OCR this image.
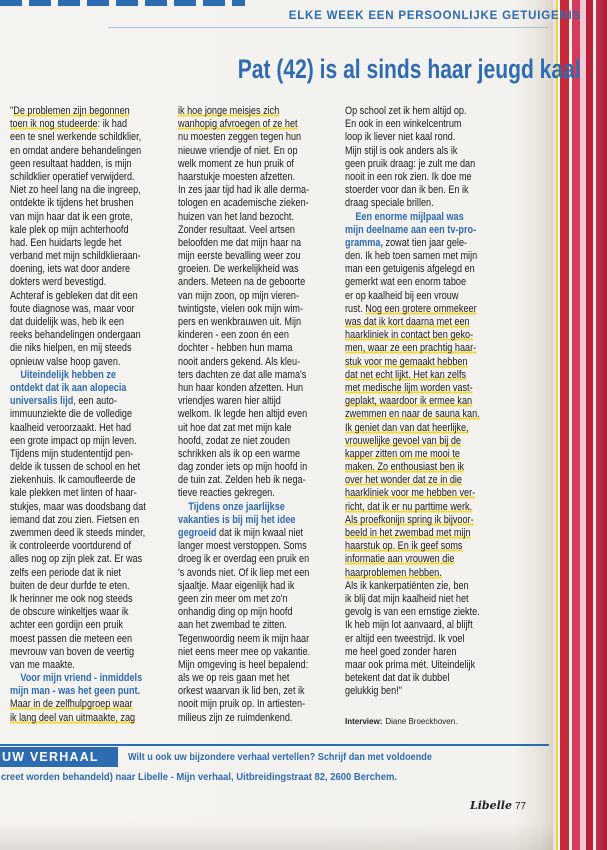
ELKE WEEK EEN PERSOONLIJKE GETUIGENIS
Pat (42) is al sinds haar jeugd kaal
"De problemen zijn begonnen
toen ik nog studeerde: ik had
een te snel werkende schildklier,
en omdat andere behandelingen
geen resultaat hadden, is mijn
schildklier operatief verwijderd.
Niet zo heel lang na die ingreep,
ontdekte ik tijdens het brushen
van mijn haar dat ik een grote,
kale plek op mijn achterhoofd
had. Een huidarts legde het
verband met mijn schildklieraan-
doening, iets wat door andere
dokters werd bevestigd.
Achteraf is gebleken dat dit een
foute diagnose was, maar voor
dat duidelijk was, heb ik een
reeks behandelingen ondergaan
die niks hielpen, en mij steeds
opnieuw valse hoop gaven.
Uiteindelijk hebben ze
ontdekt dat ik aan alopecia
universalis lijd, een auto-
immuunziekte die de volledige
kaalheid veroorzaakt. Het had
een grote impact op mijn leven.
Tijdens mijn studententijd pen-
delde ik tussen de school en het
ziekenhuis. Ik camoufleerde de
kale plekken met linten of haar-
stukjes, maar was doodsbang dat
iemand dat zou zien. Fietsen en
zwemmen deed ik steeds minder,
ik controleerde voortdurend of
alles nog op zijn plek zat. Er was
zelfs een periode dat ik niet
buiten de deur durfde te eten.
Ik herinner me ook nog steeds
de obscure winkeltjes waar ik
achter een gordijn een pruik
moest passen die meteen een
mevrouw van boven de veertig
van me maakte.
Voor mijn vriend - inmiddels
mijn man - was het geen punt.
Maar in de zelfhulpgroep waar
ik lang deel van uitmaakte, zag
ik hoe jonge meisjes zich
wanhopig afvroegen of ze het
nu moesten zeggen tegen hun
nieuwe vriendje of niet. En op
welk moment ze hun pruik of
haarstukje moesten afzetten.
In zes jaar tijd had ik alle derma-
tologen en academische zieken-
huizen van het land bezocht.
Zonder resultaat. Veel artsen
beloofden me dat mijn haar na
mijn eerste bevalling weer zou
groeien. De werkelijkheid was
anders. Meteen na de geboorte
van mijn zoon, op mijn vieren-
twintigste, vielen ook mijn wim-
pers en wenkbrauwen uit. Mijn
kinderen - een zoon én een
dochter - hebben hun mama
nooit anders gekend. Als kleu-
ters dachten ze dat alle mama's
hun haar konden afzetten. Hun
vriendjes waren hier altijd
welkom. Ik legde hen altijd even
uit hoe dat zat met mijn kale
hoofd, zodat ze niet zouden
schrikken als ik op een warme
dag zonder iets op mijn hoofd in
de tuin zat. Zelden heb ik nega-
tieve reacties gekregen.
Tijdens onze jaarlijkse
vakanties is bij mij het idee
gegroeid dat ik mijn kwaal niet
langer moest verstoppen. Soms
droeg ik er overdag een pruik en
's avonds niet. Of ik liep met een
sjaaltje. Maar eigenlijk had ik
geen zin meer om met zo'n
onhandig ding op mijn hoofd
aan het zwembad te zitten.
Tegenwoordig neem ik mijn haar
niet eens meer mee op vakantie.
Mijn omgeving is heel bepalend:
als we op reis gaan met het
orkest waarvan ik lid ben, zet ik
nooit mijn pruik op. In artiesten-
milieus zijn ze ruimdenkend.
Op school zet ik hem altijd op.
En ook in een winkelcentrum
loop ik liever niet kaal rond.
Mijn stijl is ook anders als ik
geen pruik draag: je zult me dan
nooit in een rok zien. Ik doe me
stoerder voor dan ik ben. En ik
draag speciale brillen.
Een enorme mijlpaal was
mijn deelname aan een tv-pro-
gramma, zowat tien jaar gele-
den. Ik heb toen samen met mijn
man een getuigenis afgelegd en
gemerkt wat een enorm taboe
er op kaalheid bij een vrouw
rust. Nog een grotere ommekeer
was dat ik kort daarna met een
haarkliniek in contact ben geko-
men, waar ze een prachtig haar-
stuk voor me gemaakt hebben
dat net echt lijkt. Het kan zelfs
met medische lijm worden vast-
geplakt, waardoor ik ermee kan
zwemmen en naar de sauna kan.
Ik geniet dan van dat heerlijke,
vrouwelijke gevoel van bij de
kapper zitten om me mooi te
maken. Zo enthousiast ben ik
over het wonder dat ze in die
haarkliniek voor me hebben ver-
richt, dat ik er nu parttime werk.
Als proefkonijn spring ik bijvoor-
beeld in het zwembad met mijn
haarstuk op. En ik geef soms
informatie aan vrouwen die
haarproblemen hebben.
Als ik kankerpatiënten zie, ben
ik blij dat mijn kaalheid niet het
gevolg is van een ernstige ziekte.
Ik heb mijn lot aanvaard, al blijft
er altijd een tweestrijd. Ik voel
me heel goed zonder haren
maar ook prima mét. Uiteindelijk
betekent dat dat ik dubbel
gelukkig ben!"
Interview: Diane Broeckhoven.
UW VERHAAL	Wilt u ook uw bijzondere verhaal vertellen? Schrijf dan met voldoende
creet worden behandeld) naar Libelle - Mijn verhaal, Uitbreidingstraat 82, 2600 Berchem.
Libelle 77
